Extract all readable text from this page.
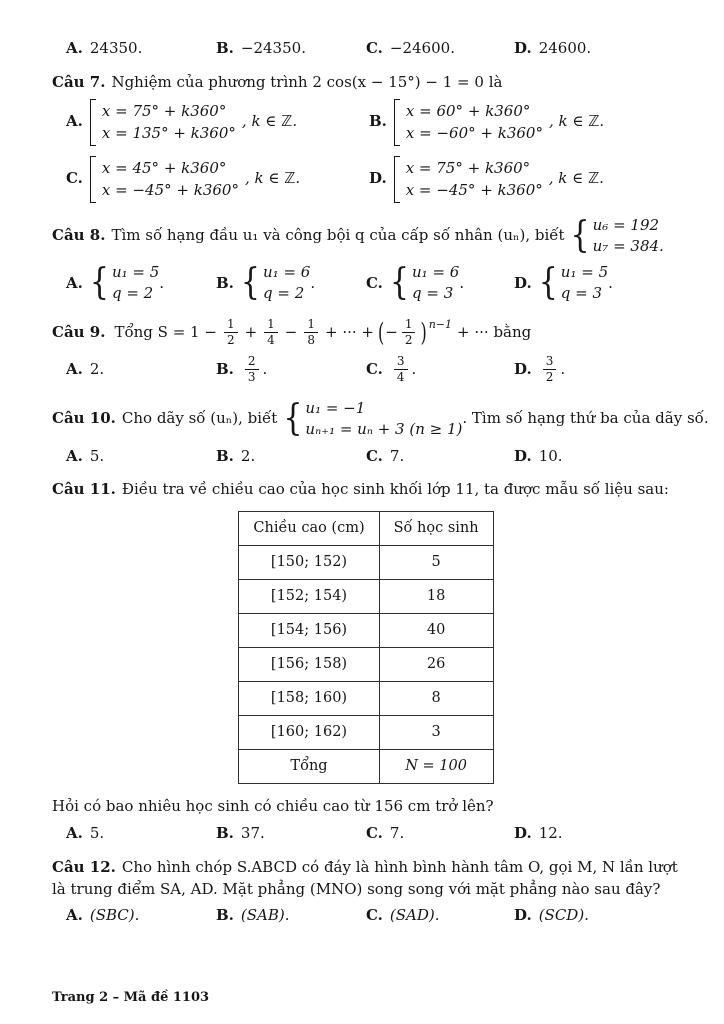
A. 24350.	B. −24350.	C. −24600.	D. 24600.

Câu 7. Nghiệm của phương trình 2 cos(x − 15°) − 1 = 0 là

A.
x = 75° + k360°
x = 135° + k360°
, k ∈ ℤ.	B.
x = 60° + k360°
x = −60° + k360°
, k ∈ ℤ.
C.
x = 45° + k360°
x = −45° + k360°
, k ∈ ℤ.	D.
x = 75° + k360°
x = −45° + k360°
, k ∈ ℤ.
Câu 8. Tìm số hạng đầu u₁ và công bội q của cấp số nhân (uₙ), biết { u₆ = 192
u₇ = 384.
A. { u₁ = 5
q = 2
.	B. { u₁ = 6
q = 2
.	C. { u₁ = 6
q = 3
.	D. { u₁ = 5
q = 3
.
Câu 9. Tổng $S = 1 - \frac{1}{2} + \frac{1}{4} - \frac{1}{8}$ + ··· + ( − $\frac{1}{2}$ ) n−1 + ··· bằng
A. 2.	B. $\frac{2}{3}$ .	C. $\frac{3}{4}$ .	D. $\frac{3}{2}$ .
Câu 10. Cho dãy số (uₙ), biết { u₁ = −1
uₙ₊₁ = uₙ + 3 (n ≥ 1)
. Tìm số hạng thứ ba của dãy số.
A. 5.	B. 2.	C. 7.	D. 10.

Câu 11. Điều tra về chiều cao của học sinh khối lớp 11, ta được mẫu số liệu sau:

Chiều cao (cm)	Số học sinh
[150; 152)	5
[152; 154)	18
[154; 156)	40
[156; 158)	26
[158; 160)	8
[160; 162)	3
Tổng	N = 100

Hỏi có bao nhiêu học sinh có chiều cao từ 156 cm trở lên?

A. 5.	B. 37.	C. 7.	D. 12.

Câu 12. Cho hình chóp S.ABCD có đáy là hình bình hành tâm O, gọi M, N lần lượt là trung điểm SA, AD. Mặt phẳng (MNO) song song với mặt phẳng nào sau đây?

A. (SBC).	B. (SAB).	C. (SAD).	D. (SCD).
Trang 2 – Mã đề 1103
